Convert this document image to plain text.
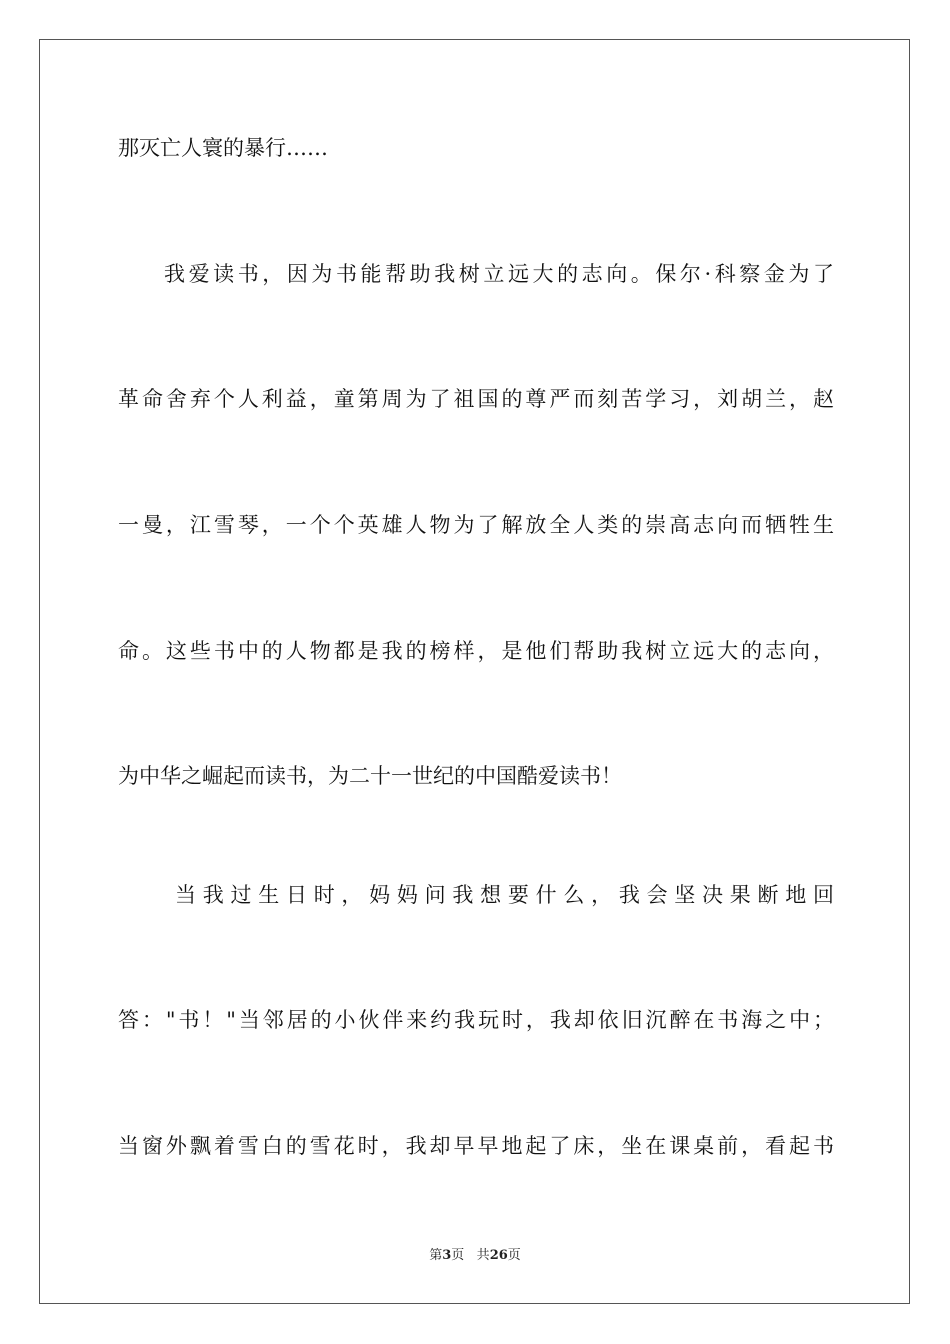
那灭亡人寰的暴行……
我爱读书，因为书能帮助我树立远大的志向。保尔·科察金为了
革命舍弃个人利益，童第周为了祖国的尊严而刻苦学习，刘胡兰，赵
一曼，江雪琴，一个个英雄人物为了解放全人类的崇高志向而牺牲生
命。这些书中的人物都是我的榜样，是他们帮助我树立远大的志向，
为中华之崛起而读书，为二十一世纪的中国酷爱读书！
当我过生日时，妈妈问我想要什么，我会坚决果断地回
答："书！"当邻居的小伙伴来约我玩时，我却依旧沉醉在书海之中；
当窗外飘着雪白的雪花时，我却早早地起了床，坐在课桌前，看起书
第3页 共26页
